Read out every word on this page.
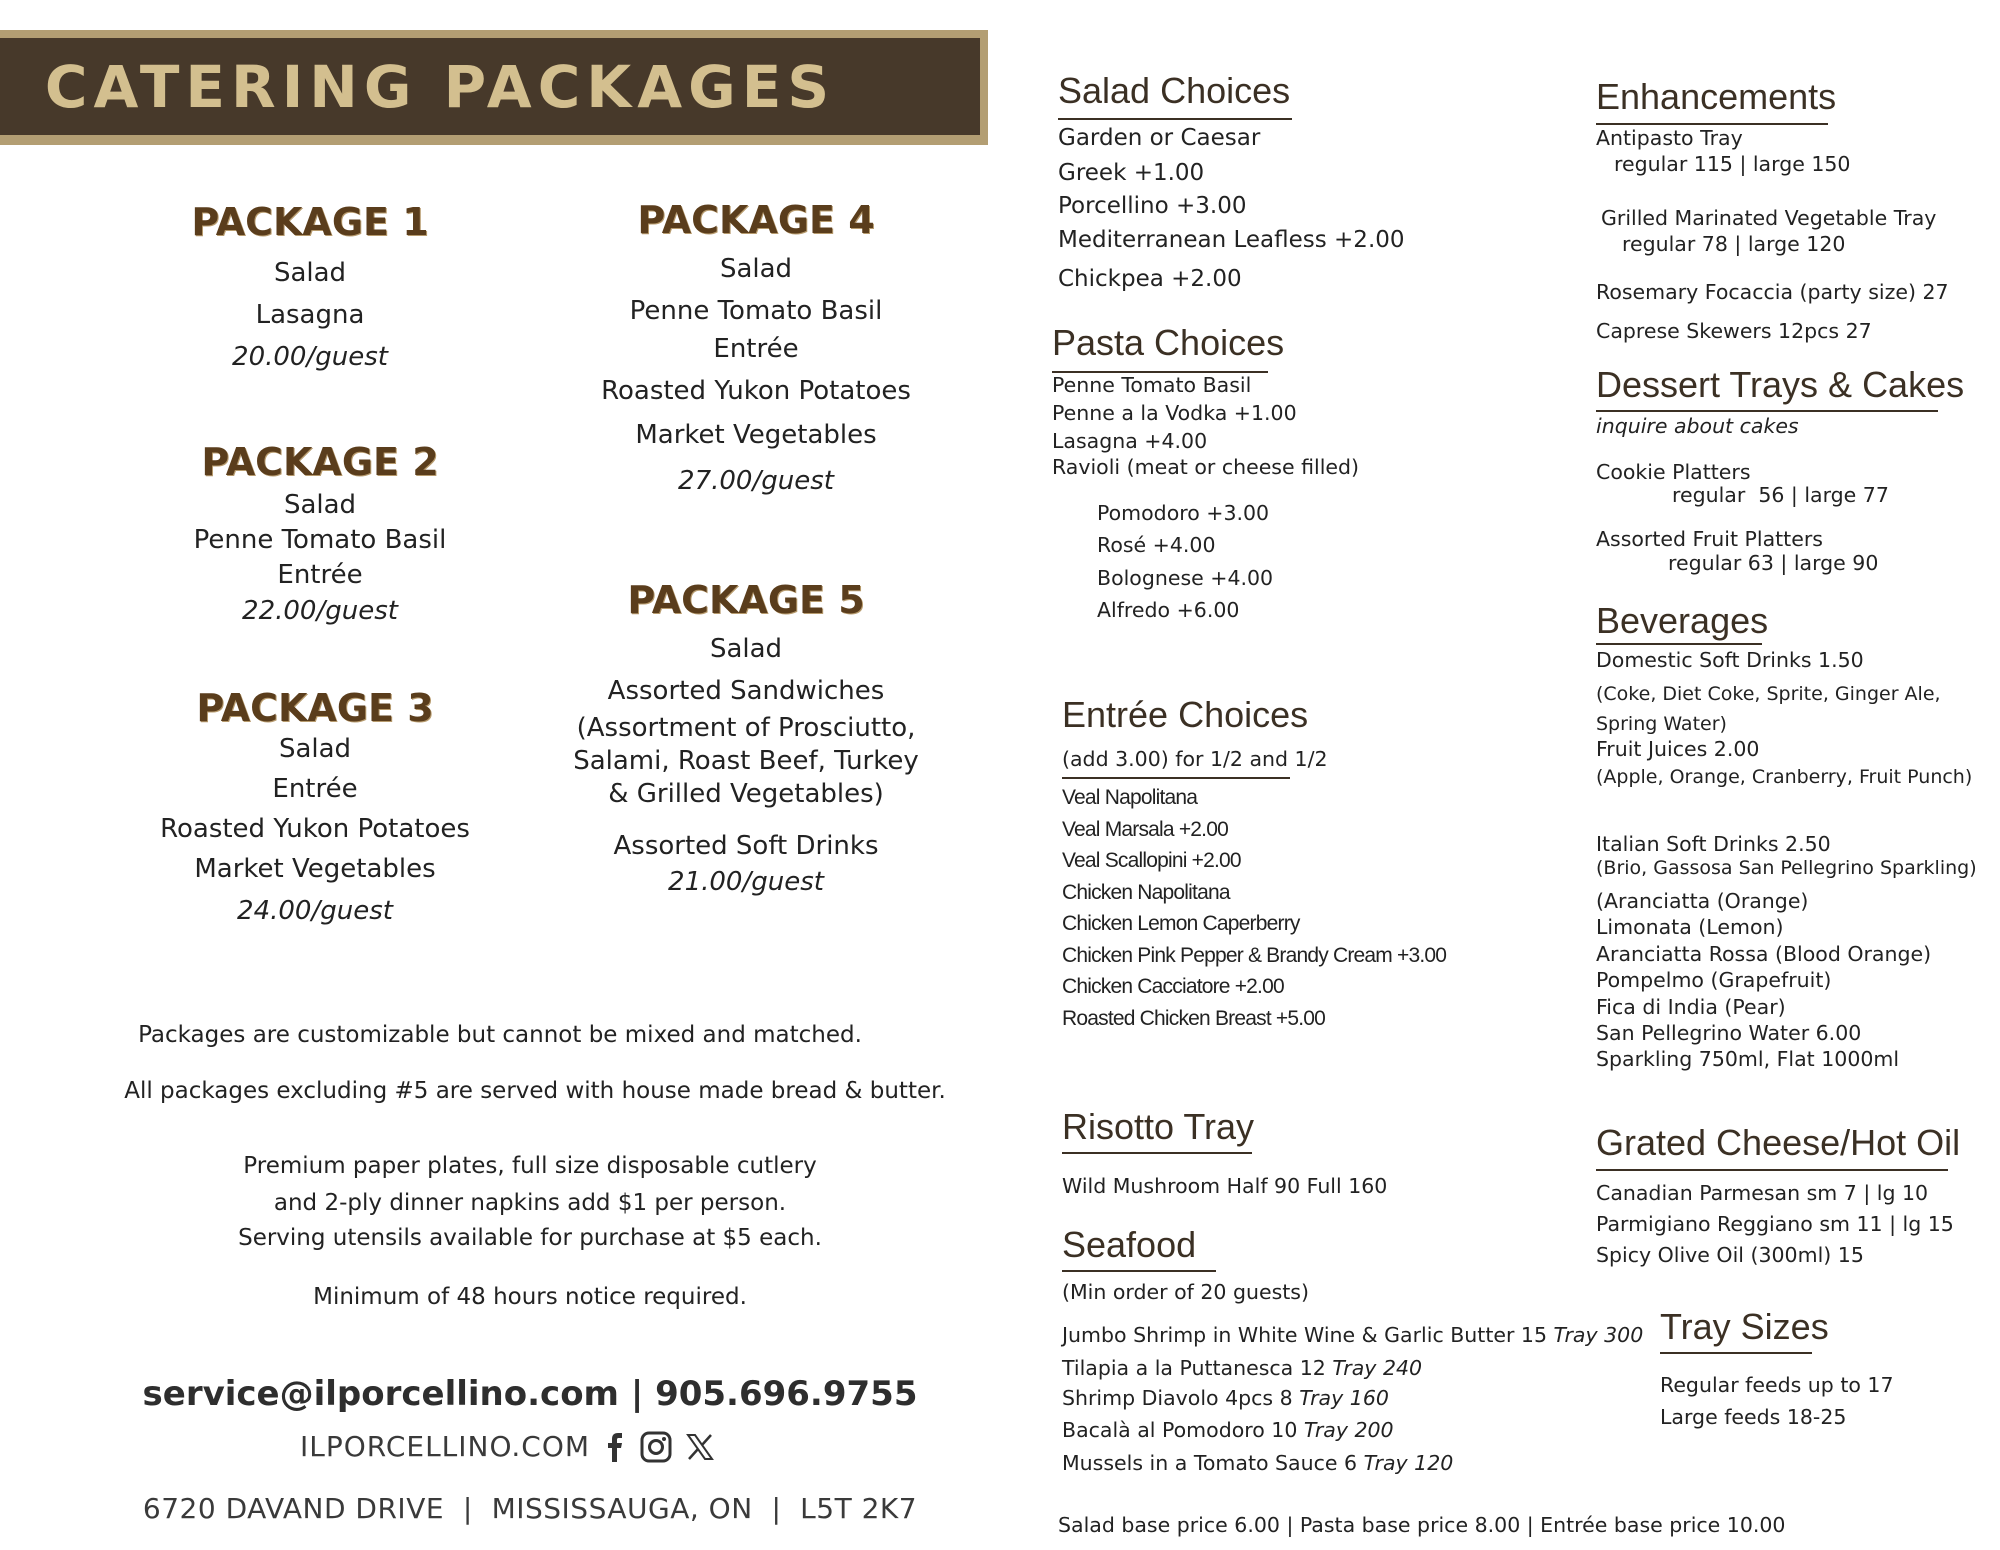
CATERING PACKAGES
PACKAGE 1
Salad
Lasagna
20.00/guest
PACKAGE 2
Salad
Penne Tomato Basil
Entrée
22.00/guest
PACKAGE 3
Salad
Entrée
Roasted Yukon Potatoes
Market Vegetables
24.00/guest
PACKAGE 4
Salad
Penne Tomato Basil
Entrée
Roasted Yukon Potatoes
Market Vegetables
27.00/guest
PACKAGE 5
Salad
Assorted Sandwiches
(Assortment of Prosciutto,
Salami, Roast Beef, Turkey
& Grilled Vegetables)
Assorted Soft Drinks
21.00/guest
Packages are customizable but cannot be mixed and matched.
All packages excluding #5 are served with house made bread & butter.
Premium paper plates, full size disposable cutlery
and 2-ply dinner napkins add $1 per person.
Serving utensils available for purchase at $5 each.
Minimum of 48 hours notice required.
service@ilporcellino.com | 905.696.9755
ILPORCELLINO.COM
6720 DAVAND DRIVE  |  MISSISSAUGA, ON  |  L5T 2K7
Salad Choices
Garden or Caesar
Greek +1.00
Porcellino +3.00
Mediterranean Leafless +2.00
Chickpea +2.00
Pasta Choices
Penne Tomato Basil
Penne a la Vodka +1.00
Lasagna +4.00
Ravioli (meat or cheese filled)
Pomodoro +3.00
Rosé +4.00
Bolognese +4.00
Alfredo +6.00
Entrée Choices
(add 3.00) for 1/2 and 1/2
Veal Napolitana
Veal Marsala +2.00
Veal Scallopini +2.00
Chicken Napolitana
Chicken Lemon Caperberry
Chicken Pink Pepper & Brandy Cream +3.00
Chicken Cacciatore +2.00
Roasted Chicken Breast +5.00
Risotto Tray
Wild Mushroom Half 90 Full 160
Seafood
(Min order of 20 guests)
Jumbo Shrimp in White Wine & Garlic Butter 15 Tray 300
Tilapia a la Puttanesca 12 Tray 240
Shrimp Diavolo 4pcs 8 Tray 160
Bacalà al Pomodoro 10 Tray 200
Mussels in a Tomato Sauce 6 Tray 120
Salad base price 6.00 | Pasta base price 8.00 | Entrée base price 10.00
Enhancements
Antipasto Tray
regular 115 | large 150
Grilled Marinated Vegetable Tray
regular 78 | large 120
Rosemary Focaccia (party size) 27
Caprese Skewers 12pcs 27
Dessert Trays & Cakes
inquire about cakes
Cookie Platters
regular  56 | large 77
Assorted Fruit Platters
regular 63 | large 90
Beverages
Domestic Soft Drinks 1.50
(Coke, Diet Coke, Sprite, Ginger Ale,
Spring Water)
Fruit Juices 2.00
(Apple, Orange, Cranberry, Fruit Punch)
Italian Soft Drinks 2.50
(Brio, Gassosa San Pellegrino Sparkling)
(Aranciatta (Orange)
Limonata (Lemon)
Aranciatta Rossa (Blood Orange)
Pompelmo (Grapefruit)
Fica di India (Pear)
San Pellegrino Water 6.00
Sparkling 750ml, Flat 1000ml
Grated Cheese/Hot Oil
Canadian Parmesan sm 7 | lg 10
Parmigiano Reggiano sm 11 | lg 15
Spicy Olive Oil (300ml) 15
Tray Sizes
Regular feeds up to 17
Large feeds 18-25
